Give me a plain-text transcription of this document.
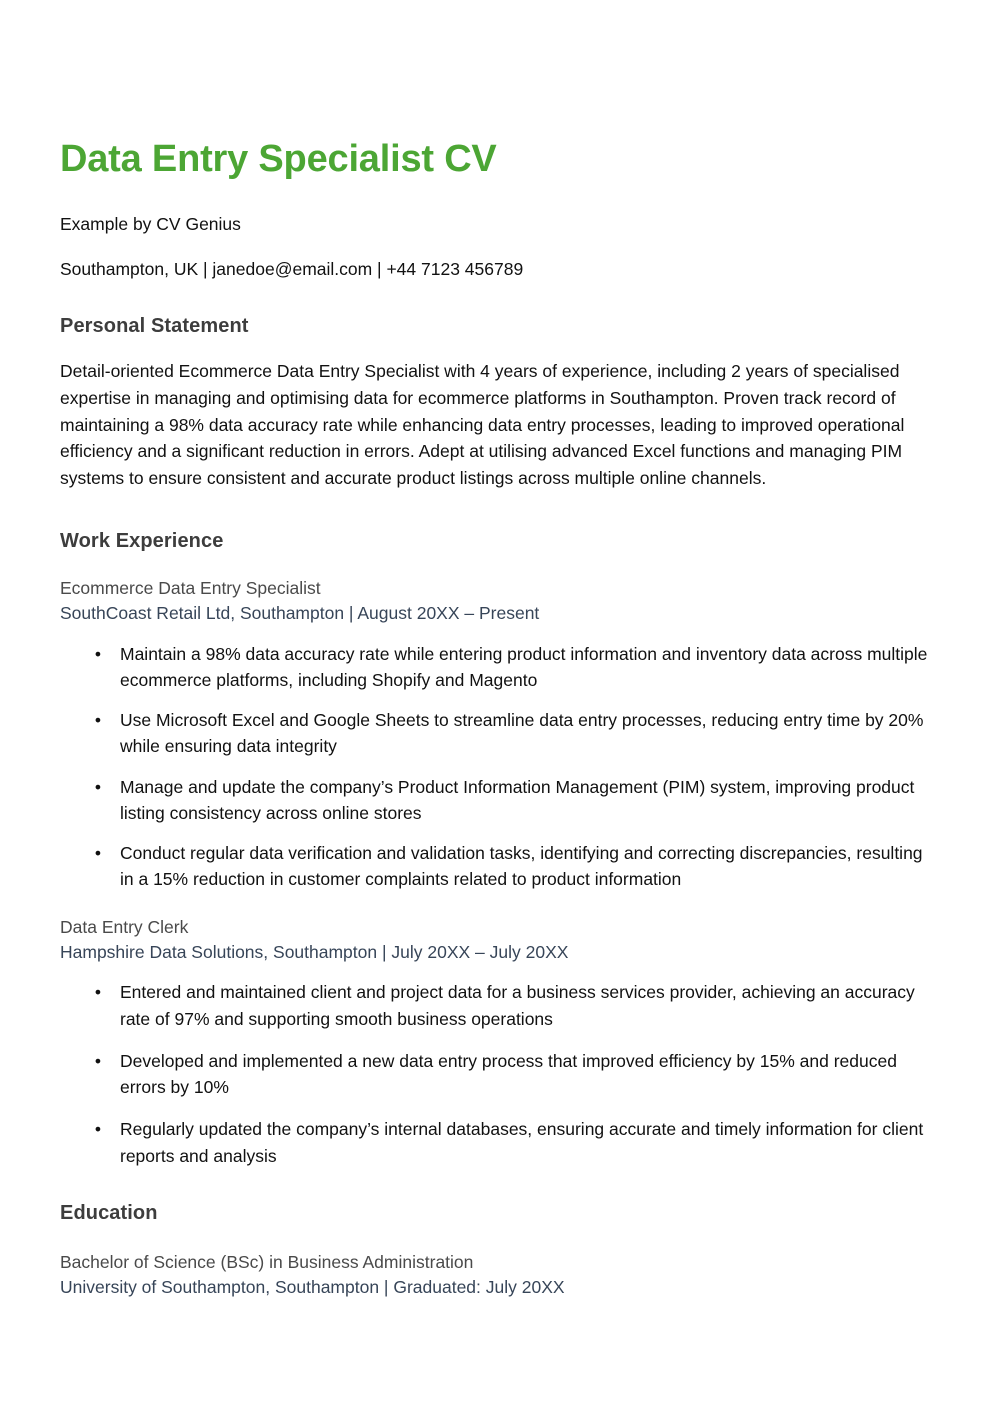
Data Entry Specialist CV

Example by CV Genius

Southampton, UK | janedoe@email.com | +44 7123 456789

Personal Statement

Detail-oriented Ecommerce Data Entry Specialist with 4 years of experience, including 2 years of specialised expertise in managing and optimising data for ecommerce platforms in Southampton. Proven track record of maintaining a 98% data accuracy rate while enhancing data entry processes, leading to improved operational efficiency and a significant reduction in errors. Adept at utilising advanced Excel functions and managing PIM systems to ensure consistent and accurate product listings across multiple online channels.

Work Experience
Ecommerce Data Entry Specialist
SouthCoast Retail Ltd, Southampton | August 20XX – Present
• Maintain a 98% data accuracy rate while entering product information and inventory data across multiple ecommerce platforms, including Shopify and Magento
• Use Microsoft Excel and Google Sheets to streamline data entry processes, reducing entry time by 20% while ensuring data integrity
• Manage and update the company’s Product Information Management (PIM) system, improving product listing consistency across online stores
• Conduct regular data verification and validation tasks, identifying and correcting discrepancies, resulting in a 15% reduction in customer complaints related to product information
Data Entry Clerk
Hampshire Data Solutions, Southampton | July 20XX – July 20XX
• Entered and maintained client and project data for a business services provider, achieving an accuracy rate of 97% and supporting smooth business operations
• Developed and implemented a new data entry process that improved efficiency by 15% and reduced errors by 10%
• Regularly updated the company’s internal databases, ensuring accurate and timely information for client reports and analysis
Education
Bachelor of Science (BSc) in Business Administration
University of Southampton, Southampton | Graduated: July 20XX
